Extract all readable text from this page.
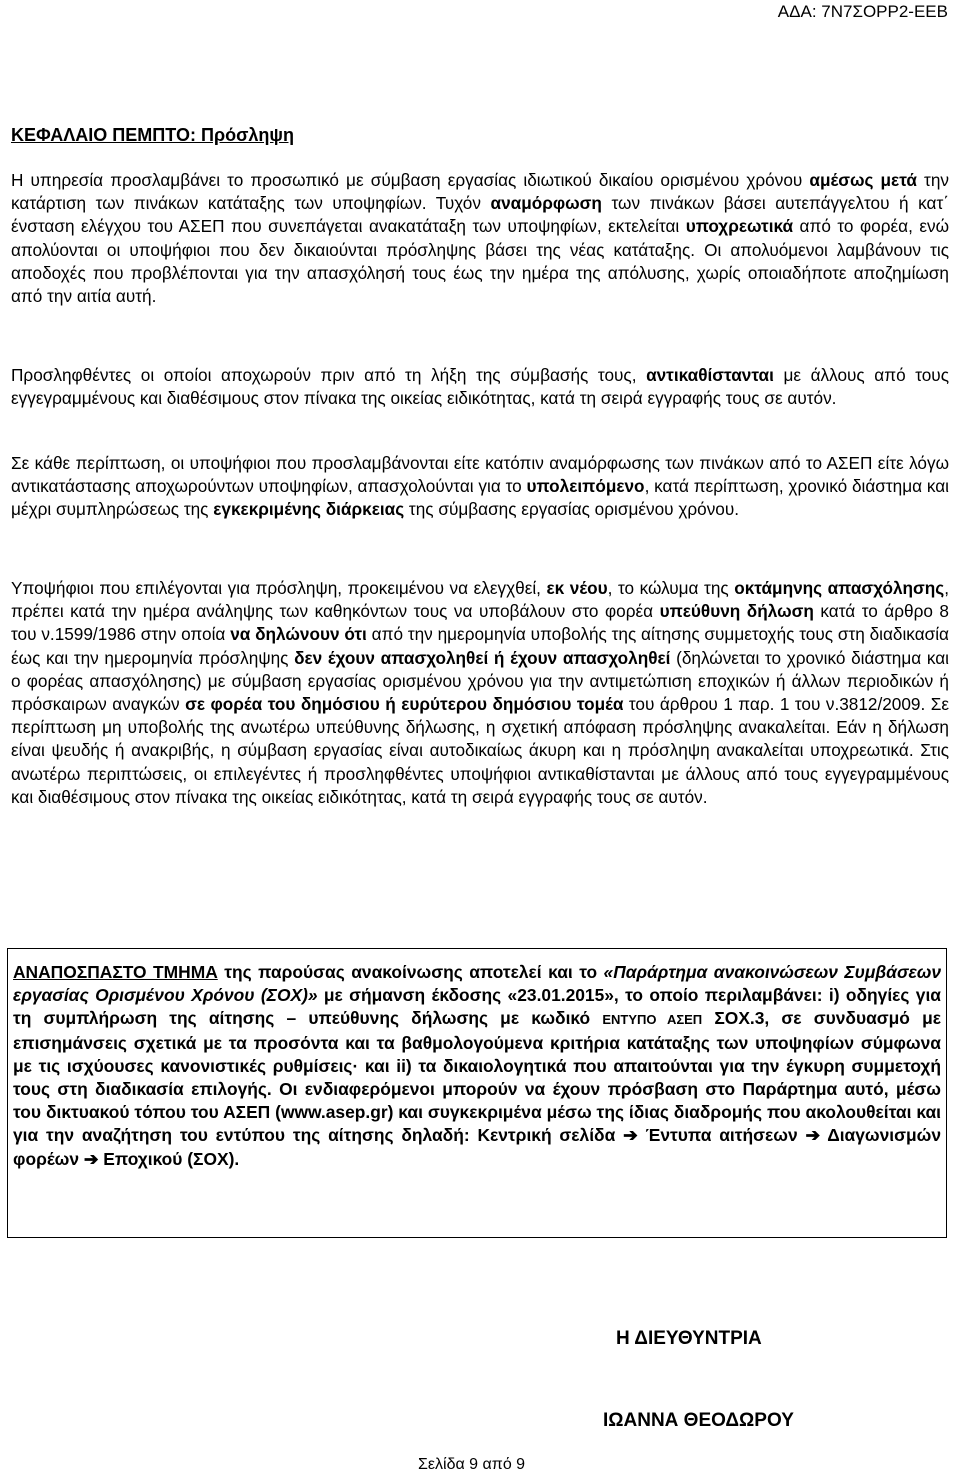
ΑΔΑ: 7Ν7ΣΟΡΡ2-ΕΕΒ
ΚΕΦΑΛΑΙΟ ΠΕΜΠΤΟ: Πρόσληψη
Η υπηρεσία προσλαμβάνει το προσωπικό με σύμβαση εργασίας ιδιωτικού δικαίου ορισμένου χρόνου αμέσως μετά την κατάρτιση των πινάκων κατάταξης των υποψηφίων. Τυχόν αναμόρφωση των πινάκων βάσει αυτεπάγγελτου ή κατ΄ ένσταση ελέγχου του ΑΣΕΠ που συνεπάγεται ανακατάταξη των υποψηφίων, εκτελείται υποχρεωτικά από το φορέα, ενώ απολύονται οι υποψήφιοι που δεν δικαιούνται πρόσληψης βάσει της νέας κατάταξης. Οι απολυόμενοι λαμβάνουν τις αποδοχές που προβλέπονται για την απασχόλησή τους έως την ημέρα της απόλυσης, χωρίς οποιαδήποτε αποζημίωση από την αιτία αυτή.
Προσληφθέντες οι οποίοι αποχωρούν πριν από τη λήξη της σύμβασής τους, αντικαθίστανται με άλλους από τους εγγεγραμμένους και διαθέσιμους στον πίνακα της οικείας ειδικότητας, κατά τη σειρά εγγραφής τους σε αυτόν.
Σε κάθε περίπτωση, οι υποψήφιοι που προσλαμβάνονται είτε κατόπιν αναμόρφωσης των πινάκων από το ΑΣΕΠ είτε λόγω αντικατάστασης αποχωρούντων υποψηφίων, απασχολούνται για το υπολειπόμενο, κατά περίπτωση, χρονικό διάστημα και μέχρι συμπληρώσεως της εγκεκριμένης διάρκειας της σύμβασης εργασίας ορισμένου χρόνου.
Υποψήφιοι που επιλέγονται για πρόσληψη, προκειμένου να ελεγχθεί, εκ νέου, το κώλυμα της οκτάμηνης απασχόλησης, πρέπει κατά την ημέρα ανάληψης των καθηκόντων τους να υποβάλουν στο φορέα υπεύθυνη δήλωση κατά το άρθρο 8 του ν.1599/1986 στην οποία να δηλώνουν ότι από την ημερομηνία υποβολής της αίτησης συμμετοχής τους στη διαδικασία έως και την ημερομηνία πρόσληψης δεν έχουν απασχοληθεί ή έχουν απασχοληθεί (δηλώνεται το χρονικό διάστημα και ο φορέας απασχόλησης) με σύμβαση εργασίας ορισμένου χρόνου για την αντιμετώπιση εποχικών ή άλλων περιοδικών ή πρόσκαιρων αναγκών σε φορέα του δημόσιου ή ευρύτερου δημόσιου τομέα του άρθρου 1 παρ. 1 του ν.3812/2009. Σε περίπτωση μη υποβολής της ανωτέρω υπεύθυνης δήλωσης, η σχετική απόφαση πρόσληψης ανακαλείται. Εάν η δήλωση είναι ψευδής ή ανακριβής, η σύμβαση εργασίας είναι αυτοδικαίως άκυρη και η πρόσληψη ανακαλείται υποχρεωτικά. Στις ανωτέρω περιπτώσεις, οι επιλεγέντες ή προσληφθέντες υποψήφιοι αντικαθίστανται με άλλους από τους εγγεγραμμένους και διαθέσιμους στον πίνακα της οικείας ειδικότητας, κατά τη σειρά εγγραφής τους σε αυτόν.
ΑΝΑΠΟΣΠΑΣΤΟ ΤΜΗΜΑ της παρούσας ανακοίνωσης αποτελεί και το «Παράρτημα ανακοινώσεων Συμβάσεων εργασίας Ορισμένου Χρόνου (ΣΟΧ)» με σήμανση έκδοσης «23.01.2015», το οποίο περιλαμβάνει: i) οδηγίες για τη συμπλήρωση της αίτησης – υπεύθυνης δήλωσης με κωδικό ΕΝΤΥΠΟ ΑΣΕΠ ΣΟΧ.3, σε συνδυασμό με επισημάνσεις σχετικά με τα προσόντα και τα βαθμολογούμενα κριτήρια κατάταξης των υποψηφίων σύμφωνα με τις ισχύουσες κανονιστικές ρυθμίσεις· και ii) τα δικαιολογητικά που απαιτούνται για την έγκυρη συμμετοχή τους στη διαδικασία επιλογής. Οι ενδιαφερόμενοι μπορούν να έχουν πρόσβαση στο Παράρτημα αυτό, μέσω του δικτυακού τόπου του ΑΣΕΠ (www.asep.gr) και συγκεκριμένα μέσω της ίδιας διαδρομής που ακολουθείται και για την αναζήτηση του εντύπου της αίτησης δηλαδή: Κεντρική σελίδα ➔ Έντυπα αιτήσεων ➔ Διαγωνισμών φορέων ➔ Εποχικού (ΣΟΧ).
Η ΔΙΕΥΘΥΝΤΡΙΑ
ΙΩΑΝΝΑ ΘΕΟΔΩΡΟΥ
Σελίδα 9 από 9
